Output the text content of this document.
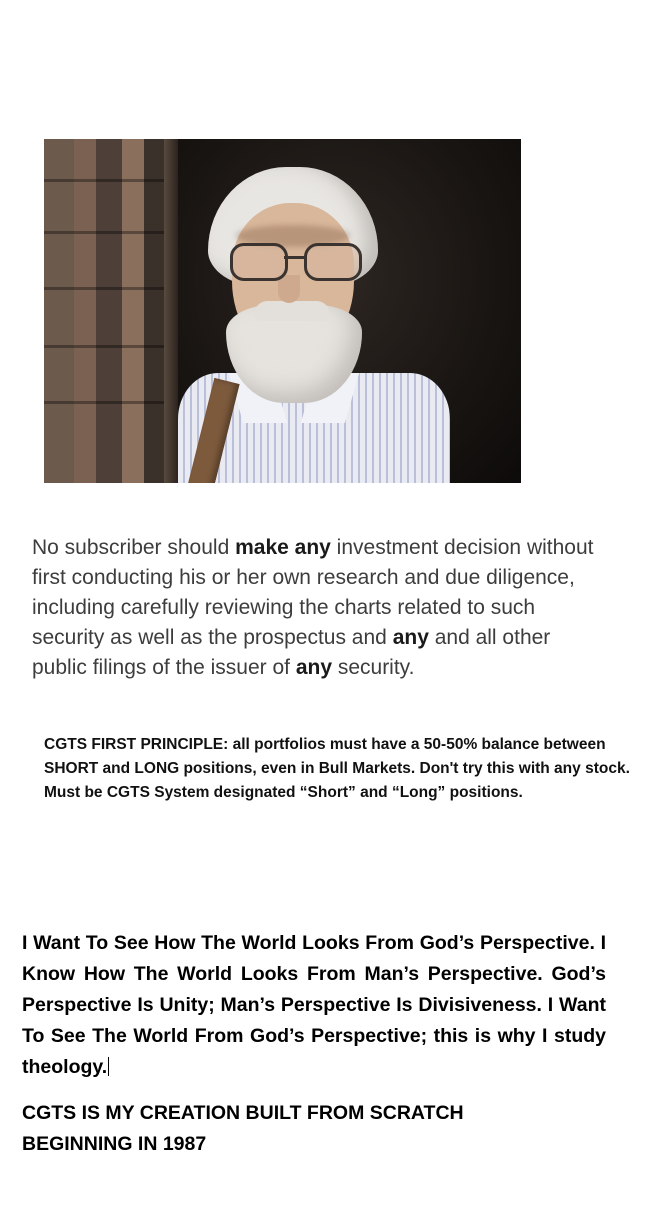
No subscriber should make any investment decision without first conducting his or her own research and due diligence, including carefully reviewing the charts related to such security as well as the prospectus and any and all other public filings of the issuer of any security.

CGTS FIRST PRINCIPLE: all portfolios must have a 50-50% balance between SHORT and LONG positions, even in Bull Markets. Don't try this with any stock. Must be CGTS System designated “Short” and “Long” positions.

I Want To See How The World Looks From God’s Perspective. I Know How The World Looks From Man’s Perspective. God’s Perspective Is Unity; Man’s Perspective Is Divisiveness. I Want To See The World From God’s Perspective; this is why I study theology.

CGTS IS MY CREATION BUILT FROM SCRATCH
BEGINNING IN 1987
